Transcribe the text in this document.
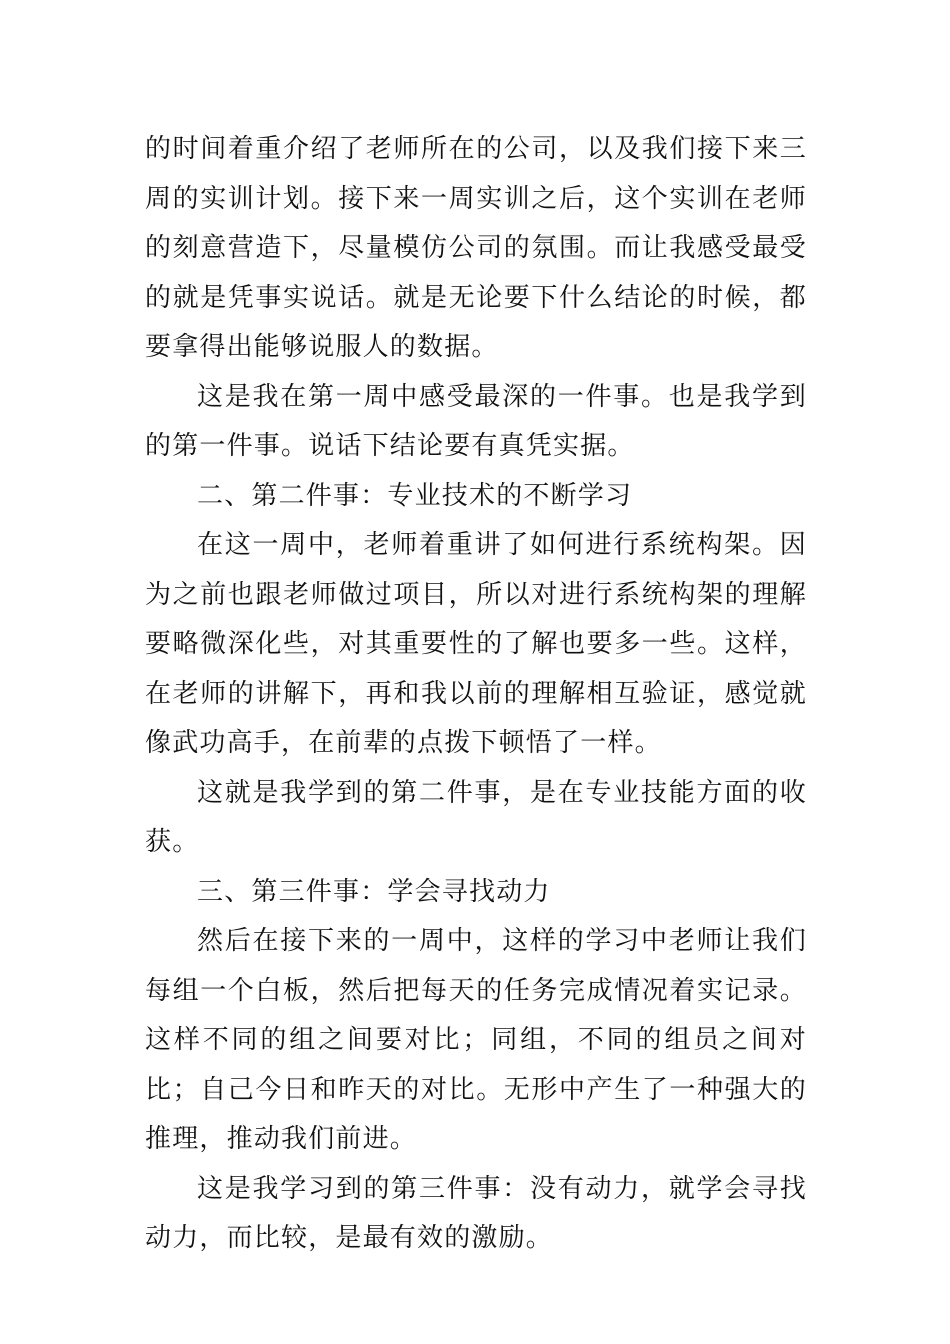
的时间着重介绍了老师所在的公司，以及我们接下来三周的实训计划。接下来一周实训之后，这个实训在老师的刻意营造下，尽量模仿公司的氛围。而让我感受最受的就是凭事实说话。就是无论要下什么结论的时候，都要拿得出能够说服人的数据。

这是我在第一周中感受最深的一件事。也是我学到的第一件事。说话下结论要有真凭实据。

二、第二件事：专业技术的不断学习

在这一周中，老师着重讲了如何进行系统构架。因为之前也跟老师做过项目，所以对进行系统构架的理解要略微深化些，对其重要性的了解也要多一些。这样，在老师的讲解下，再和我以前的理解相互验证，感觉就像武功高手，在前辈的点拨下顿悟了一样。

这就是我学到的第二件事，是在专业技能方面的收获。

三、第三件事：学会寻找动力

然后在接下来的一周中，这样的学习中老师让我们每组一个白板，然后把每天的任务完成情况着实记录。这样不同的组之间要对比；同组，不同的组员之间对比；自己今日和昨天的对比。无形中产生了一种强大的推理，推动我们前进。

这是我学习到的第三件事：没有动力，就学会寻找动力，而比较，是最有效的激励。
